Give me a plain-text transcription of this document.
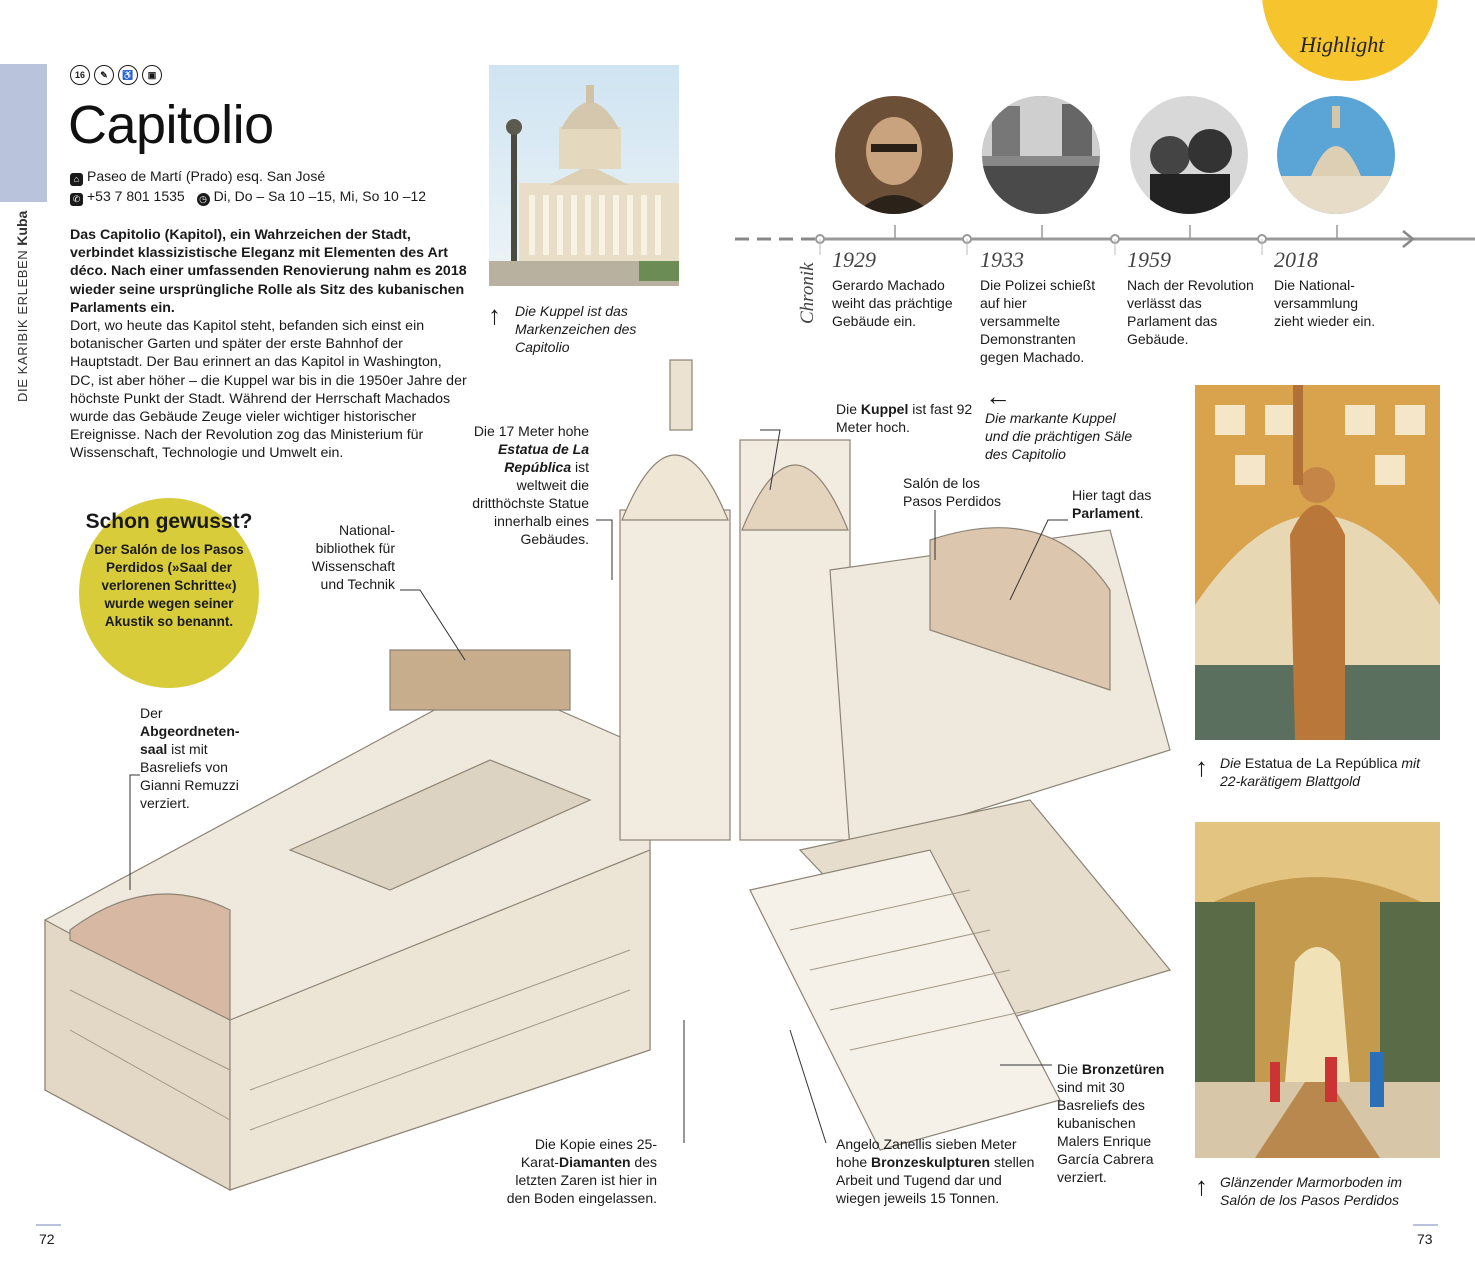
DIE KARIBIK ERLEBENKuba
16	✎	♿	▣
Capitolio
⌂ Paseo de Martí (Prado) esq. San José
✆ +53 7 801 1535 ◷ Di, Do – Sa 10 –15, Mi, So 10 –12
Das Capitolio (Kapitol), ein Wahrzeichen der Stadt, verbindet klassizistische Eleganz mit Elementen des Art déco. Nach einer umfassenden Renovierung nahm es 2018 wieder seine ursprüngliche Rolle als Sitz des kubanischen Parlaments ein.
Dort, wo heute das Kapitol steht, befanden sich einst ein botanischer Garten und später der erste Bahnhof der Hauptstadt. Der Bau erinnert an das Kapitol in Washington, DC, ist aber höher – die Kuppel war bis in die 1950er Jahre der höchste Punkt der Stadt. Während der Herrschaft Machados wurde das Gebäude Zeuge vieler wichtiger historischer Ereignisse. Nach der Revolution zog das Ministerium für Wissenschaft, Technologie und Umwelt ein.
↑ Die Kuppel ist das Markenzeichen des Capitolio
Schon gewusst?
Der Salón de los Pasos Perdidos (»Saal der verlorenen Schritte«) wurde wegen seiner Akustik so benannt.
Highlight
Chronik
1929
Gerardo Machado weiht das prächtige Gebäude ein.
1933
Die Polizei schießt auf hier versammelte Demonstranten gegen Machado.
1959
Nach der Revolution verlässt das Parlament das Gebäude.
2018
Die National-versammlung zieht wieder ein.
Die Kuppel ist fast 92 Meter hoch.
←
Die markante Kuppel und die prächtigen Säle des Capitolio
Die 17 Meter hohe Estatua de La República ist weltweit die dritthöchste Statue innerhalb eines Gebäudes.
National-bibliothek für Wissenschaft und Technik
Salón de los Pasos Perdidos	Hier tagt das Parlament.
Der Abgeordneten-saal ist mit Basreliefs von Gianni Remuzzi verziert.
Die Kopie eines 25-Karat-Diamanten des letzten Zaren ist hier in den Boden eingelassen.
Angelo Zanellis sieben Meter hohe Bronzeskulpturen stellen Arbeit und Tugend dar und wiegen jeweils 15 Tonnen.
Die Bronzetüren sind mit 30 Basreliefs des kubanischen Malers Enrique García Cabrera verziert.
↑ Die Estatua de La República mit 22-karätigem Blattgold
↑ Glänzender Marmorboden im Salón de los Pasos Perdidos
72	73
